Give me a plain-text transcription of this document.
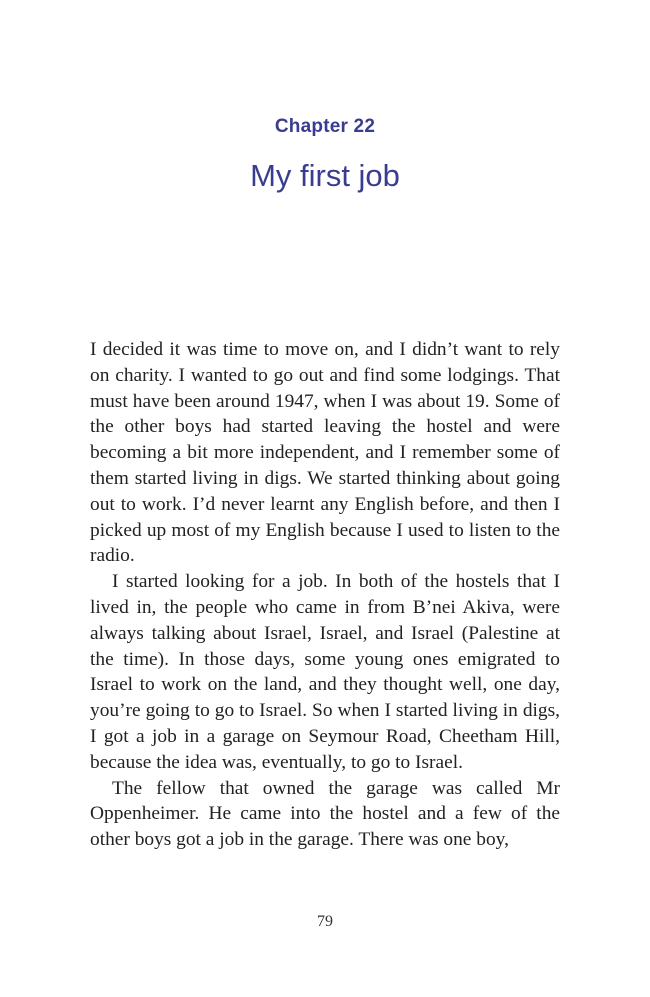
Chapter 22
My first job

I decided it was time to move on, and I didn’t want to rely on charity. I wanted to go out and find some lodgings. That must have been around 1947, when I was about 19. Some of the other boys had started leaving the hostel and were becoming a bit more independent, and I remember some of them started living in digs. We started thinking about going out to work. I’d never learnt any English before, and then I picked up most of my English because I used to listen to the radio.

I started looking for a job. In both of the hostels that I lived in, the people who came in from B’nei Akiva, were always talking about Israel, Israel, and Israel (Palestine at the time). In those days, some young ones emigrated to Israel to work on the land, and they thought well, one day, you’re going to go to Israel. So when I started living in digs, I got a job in a garage on Seymour Road, Cheetham Hill, because the idea was, eventually, to go to Israel.

The fellow that owned the garage was called Mr Oppenheimer. He came into the hostel and a few of the other boys got a job in the garage. There was one boy,

79
